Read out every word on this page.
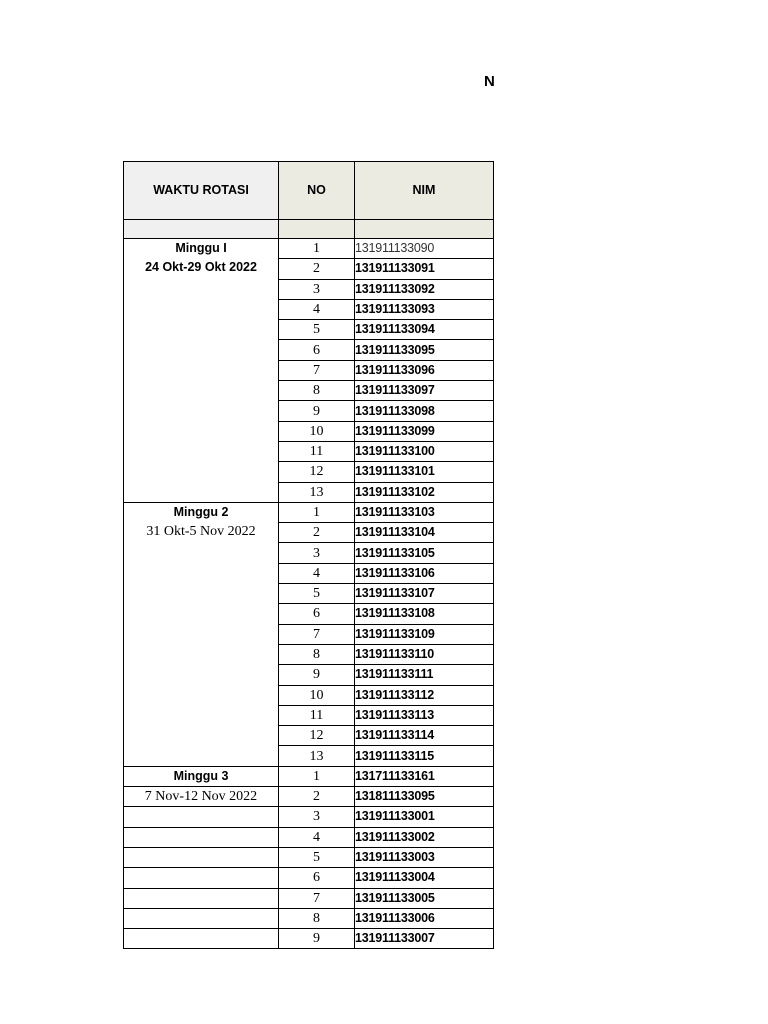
N
WAKTU ROTASI	NO	NIM

Minggu I
24 Okt-29 Okt 2022	1	131911133090
	2	131911133091
	3	131911133092
	4	131911133093
	5	131911133094
	6	131911133095
	7	131911133096
	8	131911133097
	9	131911133098
	10	131911133099
	11	131911133100
	12	131911133101
	13	131911133102

Minggu 2
31 Okt-5 Nov 2022	1	131911133103
	2	131911133104
	3	131911133105
	4	131911133106
	5	131911133107
	6	131911133108
	7	131911133109
	8	131911133110
	9	131911133111
	10	131911133112
	11	131911133113
	12	131911133114
	13	131911133115

Minggu 3	1	131711133161
7 Nov-12 Nov 2022	2	131811133095
	3	131911133001
	4	131911133002
	5	131911133003
	6	131911133004
	7	131911133005
	8	131911133006
	9	131911133007
